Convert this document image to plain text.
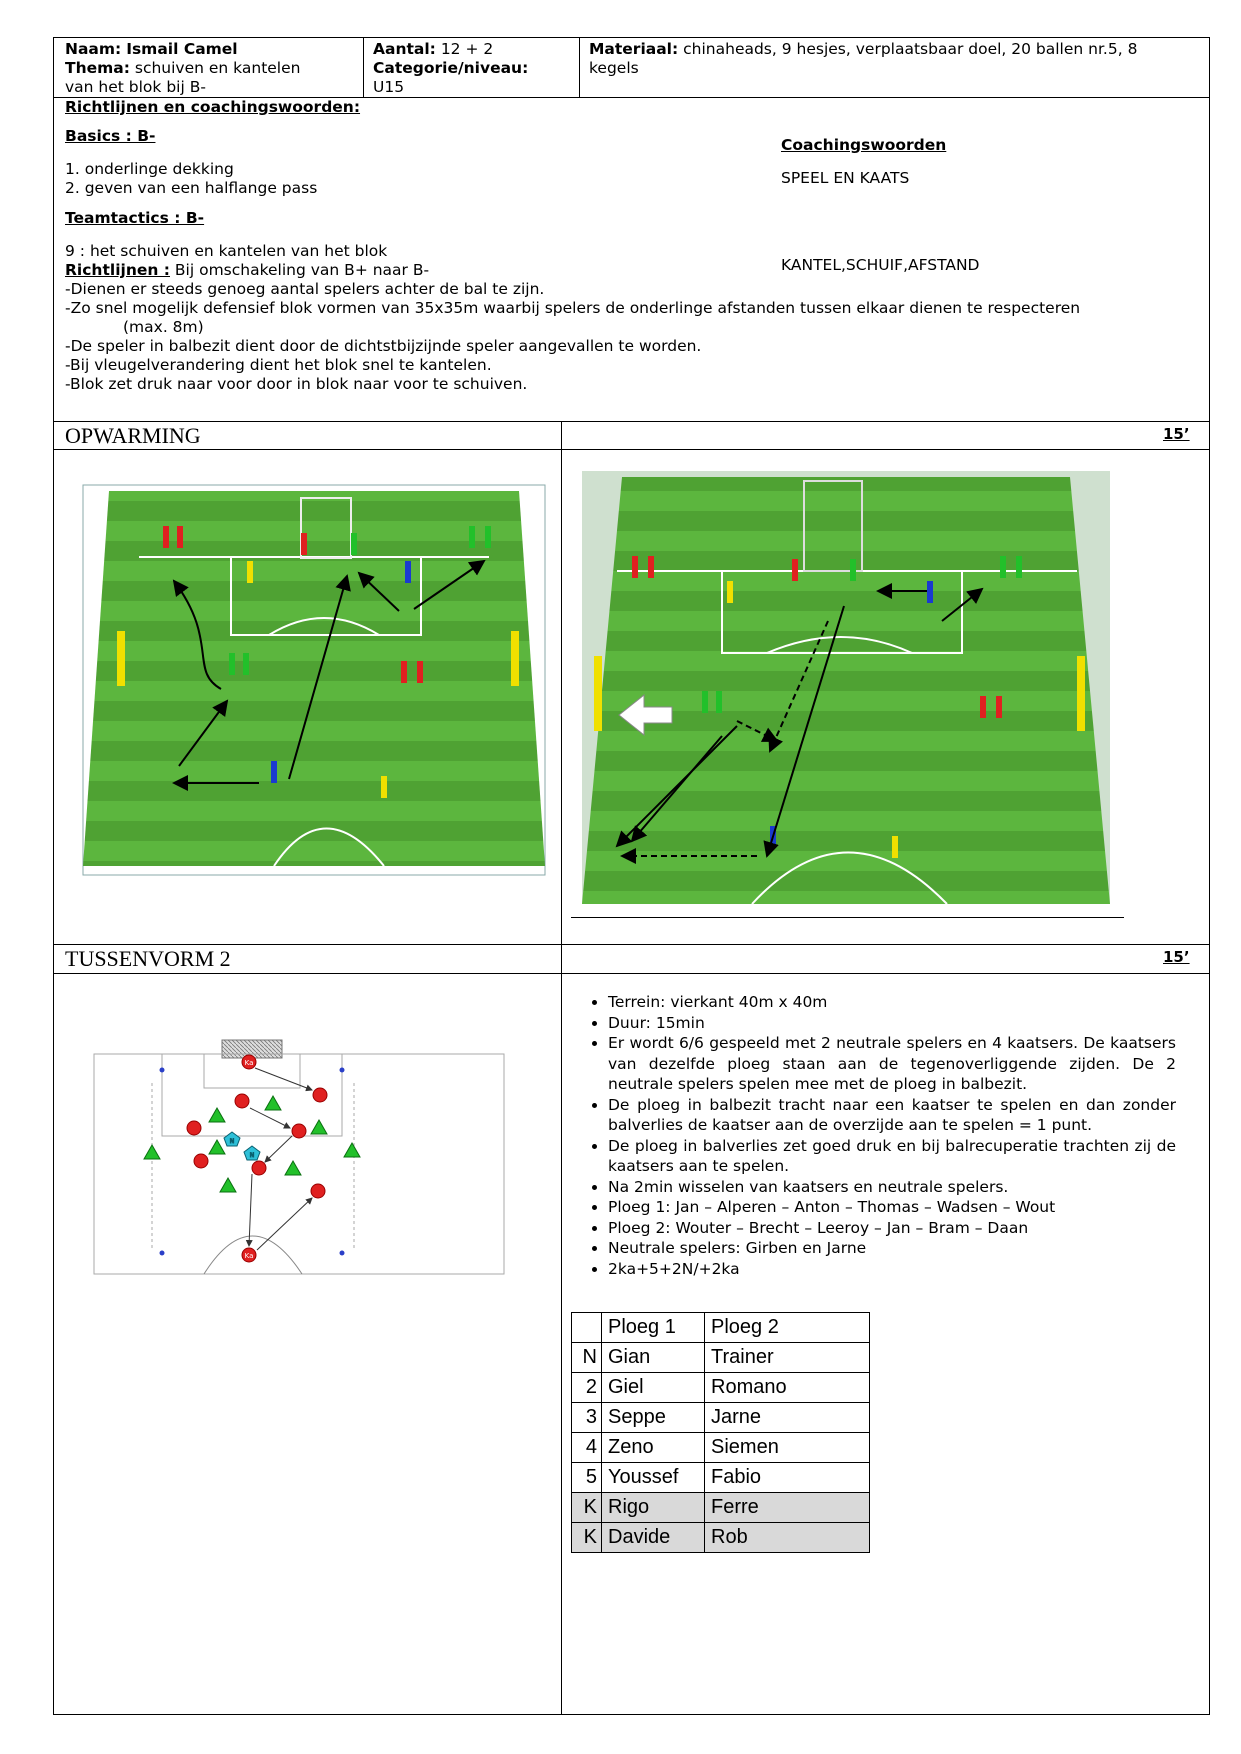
Naam: Ismail Camel
Thema: schuiven en kantelen
van het blok bij B-
Aantal: 12 + 2
Categorie/niveau:
U15
Materiaal: chinaheads, 9 hesjes, verplaatsbaar doel, 20 ballen nr.5, 8
kegels
Richtlijnen en coachingswoorden:
Basics : B-
1. onderlinge dekking
2. geven van een halflange pass
Teamtactics : B-
9 : het schuiven en kantelen van het blok
Richtlijnen : Bij omschakeling van B+ naar B-
-Dienen er steeds genoeg aantal spelers achter de bal te zijn.
-Zo snel mogelijk defensief blok vormen van 35x35m waarbij spelers de onderlinge afstanden tussen elkaar dienen te respecteren
(max. 8m)
-De speler in balbezit dient door de dichtstbijzijnde speler aangevallen te worden.
-Bij vleugelverandering dient het blok snel te kantelen.
-Blok zet druk naar voor door in blok naar voor te schuiven.
Coachingswoorden
SPEEL EN KAATS
KANTEL,SCHUIF,AFSTAND
OPWARMING	15’
TUSSENVORM 2	15’
Ka
Ka
N
N
• Terrein: vierkant 40m x 40m
• Duur: 15min
• Er wordt 6/6 gespeeld met 2 neutrale spelers en 4 kaatsers. De kaatsers van dezelfde ploeg staan aan de tegenoverliggende zijden. De 2 neutrale spelers spelen mee met de ploeg in balbezit.
• De ploeg in balbezit tracht naar een kaatser te spelen en dan zonder balverlies de kaatser aan de overzijde aan te spelen = 1 punt.
• De ploeg in balverlies zet goed druk en bij balrecuperatie trachten zij de kaatsers aan te spelen.
• Na 2min wisselen van kaatsers en neutrale spelers.
• Ploeg 1: Jan – Alperen – Anton – Thomas – Wadsen – Wout
• Ploeg 2: Wouter – Brecht – Leeroy – Jan – Bram – Daan
• Neutrale spelers: Girben en Jarne
• 2ka+5+2N/+2ka
	Ploeg 1	Ploeg 2
N	Gian	Trainer
2	Giel	Romano
3	Seppe	Jarne
4	Zeno	Siemen
5	Youssef	Fabio
K	Rigo	Ferre
K	Davide	Rob
